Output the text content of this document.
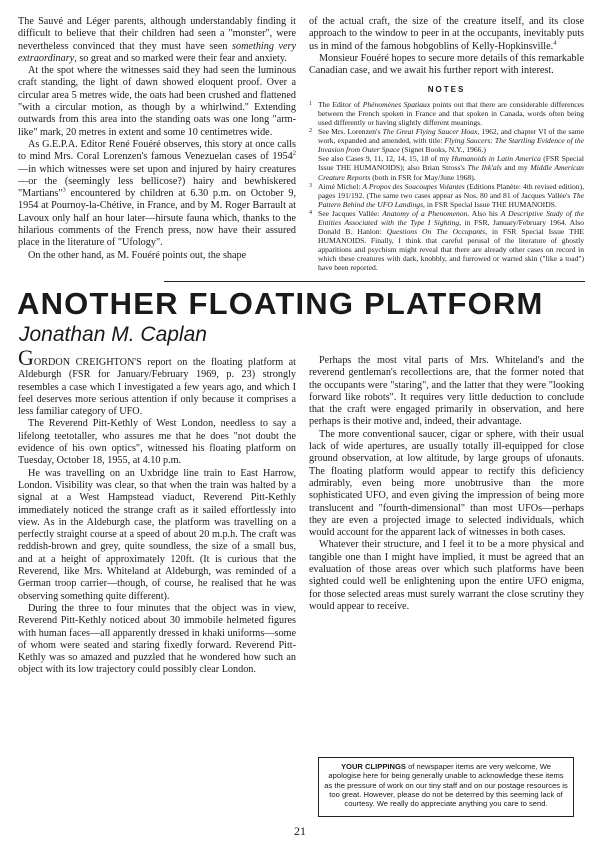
The Sauvé and Léger parents, although understandably finding it difficult to believe that their children had seen a "monster", were nevertheless convinced that they must have seen something very extraordinary, so great and so marked were their fear and anxiety.

At the spot where the witnesses said they had seen the luminous craft standing, the light of dawn showed eloquent proof. Over a circular area 5 metres wide, the oats had been crushed and flattened "with a circular motion, as though by a whirlwind." Extending outwards from this area into the standing oats was one long "arm-like" mark, 20 metres in extent and some 10 centimetres wide.

As G.E.P.A. Editor René Fouéré observes, this story at once calls to mind Mrs. Coral Lorenzen's famous Venezuelan cases of 1954$^2$—in which witnesses were set upon and injured by hairy creatures—or the (seemingly less bellicose?) hairy and bewhiskered "Martians"$^3$ encountered by children at 6.30 p.m. on October 9, 1954 at Pournoy-la-Chétive, in France, and by M. Roger Barrault at Lavoux only half an hour later—hirsute fauna which, thanks to the hilarious comments of the French press, now have their assured place in the literature of "Ufology".

On the other hand, as M. Fouéré points out, the shape

of the actual craft, the size of the creature itself, and its close approach to the window to peer in at the occupants, inevitably puts us in mind of the famous hobgoblins of Kelly-Hopkinsville.$^4$

Monsieur Fouéré hopes to secure more details of this remarkable Canadian case, and we await his further report with interest.

NOTES
1 The Editor of Phénomènes Spatiaux points out that there are considerable differences between the French spoken in France and that spoken in Canada, words often being used differently or having slightly different meanings.
2 See Mrs. Lorenzen's The Great Flying Saucer Hoax, 1962, and chapter VI of the same work, expanded and amended, with title: Flying Saucers: The Startling Evidence of the Invasion from Outer Space (Signet Books, N.Y., 1966.)
See also Cases 9, 11, 12, 14, 15, 18 of my Humanoids in Latin America (FSR Special Issue THE HUMANOIDS); also Brian Stross's The Ihk'als and my Middle American Creature Reports (both in FSR for May/June 1968).
3 Aimé Michel: A Propos des Soucoupes Volantes (Editions Planète: 4th revised edition), pages 191/192. (The same two cases appear as Nos. 80 and 81 of Jacques Vallée's The Pattern Behind the UFO Landings, in FSR Special Issue THE HUMANOIDS.
4 See Jacques Vallée: Anatomy of a Phenomenon. Also his A Descriptive Study of the Entities Associated with the Type I Sighting, in FSR, January/February 1964. Also Donald B. Hanlon: Questions On The Occupants, in FSR Special Issue THE HUMANOIDS. Finally, I think that careful perusal of the literature of ghostly apparitions and psychism might reveal that there are already other cases on record in which these creatures with dark, knobbly, and furrowed or warted skin ("like a toad") have been reported.
ANOTHER FLOATING PLATFORM
Jonathan M. Caplan

GORDON CREIGHTON'S report on the floating platform at Aldeburgh (FSR for January/February 1969, p. 23) strongly resembles a case which I investigated a few years ago, and which I feel deserves more serious attention if only because it comprises a less familiar category of UFO.

The Reverend Pitt-Kethly of West London, needless to say a lifelong teetotaller, who assures me that he does "not doubt the evidence of his own optics", witnessed his floating platform on Tuesday, October 18, 1955, at 4.10 p.m.

He was travelling on an Uxbridge line train to East Harrow, London. Visibility was clear, so that when the train was halted by a signal at a West Hampstead viaduct, Reverend Pitt-Kethly immediately noticed the strange craft as it sailed effortlessly into view. As in the Aldeburgh case, the platform was travelling on a perfectly straight course at a speed of about 20 m.p.h. The craft was reddish-brown and grey, quite soundless, the size of a small bus, and at a height of approximately 120ft. (It is curious that the Reverend, like Mrs. Whiteland at Aldeburgh, was reminded of a German troop carrier—though, of course, he realised that he was observing something quite different).

During the three to four minutes that the object was in view, Reverend Pitt-Kethly noticed about 30 immobile helmeted figures with human faces—all apparently dressed in khaki uniforms—some of whom were seated and staring fixedly forward. Reverend Pitt-Kethly was so amazed and puzzled that he wondered how such an object with its low trajectory could possibly clear London.

Perhaps the most vital parts of Mrs. Whiteland's and the reverend gentleman's recollections are, that the former noted that the occupants were "staring", and the latter that they were "looking forward like robots". It requires very little deduction to conclude that the craft were engaged primarily in observation, and here perhaps is their motive and, indeed, their advantage.

The more conventional saucer, cigar or sphere, with their usual lack of wide apertures, are usually totally ill-equipped for close ground observation, at low altitude, by large groups of ufonauts. The floating platform would appear to rectify this deficiency admirably, even being more unobtrusive than the more sophisticated UFO, and even giving the impression of being more translucent and "fourth-dimensional" than most UFOs—perhaps they are even a projected image to selected individuals, which would account for the apparent lack of witnesses in both cases.

Whatever their structure, and I feel it to be a more physical and tangible one than I might have implied, it must be agreed that an evaluation of those areas over which such platforms have been sighted could well be enlightening upon the entire UFO enigma, for those selected areas must surely warrant the close scrutiny they would appear to receive.

YOUR CLIPPINGS of newspaper items are very welcome, We apologise here for being generally unable to acknowledge these items as the pressure of work on our tiny staff and on our postage resources is too great. However, please do not be deterred by this seeming lack of courtesy. We really do appreciate anything you care to send.
21
